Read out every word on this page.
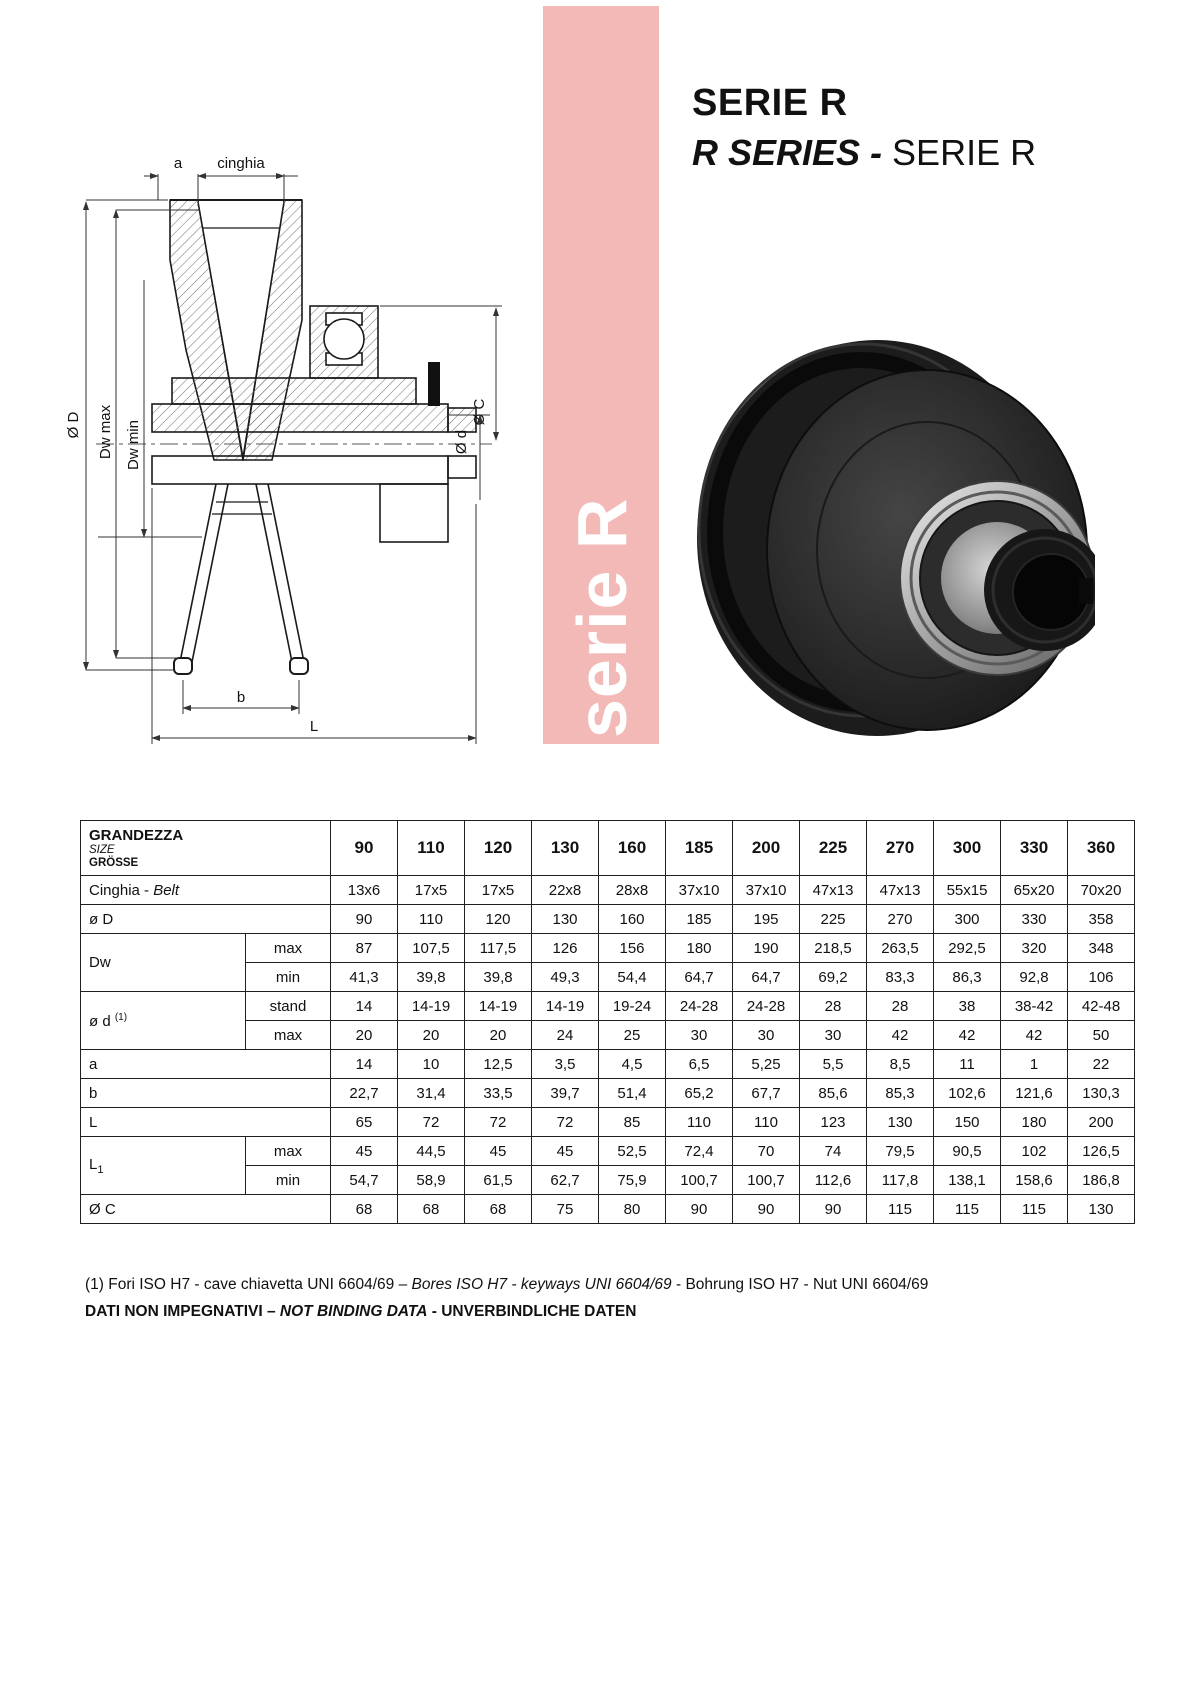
a cinghia
Ø D Dw max Dw min
Ø C
Ø d
b
L	serie R
SERIE R
R SERIES - SERIE R
GRANDEZZA
SIZE
GRÖSSE		90	110	120	130	160	185	200	225	270	300	330	360
Cinghia - Belt		13x6	17x5	17x5	22x8	28x8	37x10	37x10	47x13	47x13	55x15	65x20	70x20
ø D		90	110	120	130	160	185	195	225	270	300	330	358
Dw	max	87	107,5	117,5	126	156	180	190	218,5	263,5	292,5	320	348
	min	41,3	39,8	39,8	49,3	54,4	64,7	64,7	69,2	83,3	86,3	92,8	106
ø d $^{(1)}$	stand	14	14-19	14-19	14-19	19-24	24-28	24-28	28	28	38	38-42	42-48
	max	20	20	20	24	25	30	30	30	42	42	42	50
a		14	10	12,5	3,5	4,5	6,5	5,25	5,5	8,5	11	1	22
b		22,7	31,4	33,5	39,7	51,4	65,2	67,7	85,6	85,3	102,6	121,6	130,3
L		65	72	72	72	85	110	110	123	130	150	180	200
$L_1$	max	45	44,5	45	45	52,5	72,4	70	74	79,5	90,5	102	126,5
	min	54,7	58,9	61,5	62,7	75,9	100,7	100,7	112,6	117,8	138,1	158,6	186,8
Ø C		68	68	68	75	80	90	90	90	115	115	115	130
(1) Fori ISO H7 - cave chiavetta UNI 6604/69 – Bores ISO H7 - keyways UNI 6604/69 - Bohrung ISO H7 - Nut UNI 6604/69
DATI NON IMPEGNATIVI – NOT BINDING DATA - UNVERBINDLICHE DATEN
